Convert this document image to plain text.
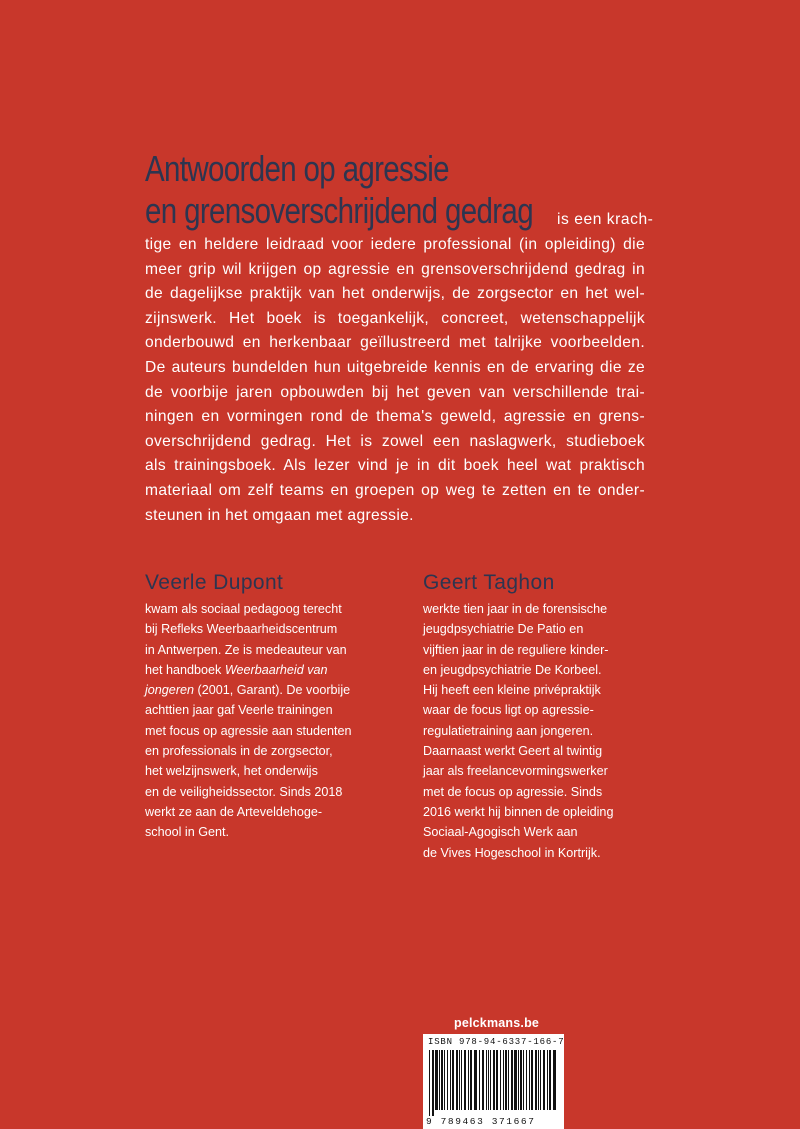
Antwoorden op agressie
en grensoverschrijdend gedrag is een krach-
tige en heldere leidraad voor iedere professional (in opleiding) die
meer grip wil krijgen op agressie en grensoverschrijdend gedrag in
de dagelijkse praktijk van het onderwijs, de zorgsector en het wel-
zijnswerk. Het boek is toegankelijk, concreet, wetenschappelijk
onderbouwd en herkenbaar geïllustreerd met talrijke voorbeelden.
De auteurs bundelden hun uitgebreide kennis en de ervaring die ze
de voorbije jaren opbouwden bij het geven van verschillende trai-
ningen en vormingen rond de thema's geweld, agressie en grens-
overschrijdend gedrag. Het is zowel een naslagwerk, studieboek
als trainingsboek. Als lezer vind je in dit boek heel wat praktisch
materiaal om zelf teams en groepen op weg te zetten en te onder-
steunen in het omgaan met agressie.
Veerle Dupont
kwam als sociaal pedagoog terecht
bij Refleks Weerbaarheidscentrum
in Antwerpen. Ze is medeauteur van
het handboek Weerbaarheid van
jongeren (2001, Garant). De voorbije
achttien jaar gaf Veerle trainingen
met focus op agressie aan studenten
en professionals in de zorgsector,
het welzijnswerk, het onderwijs
en de veiligheidssector. Sinds 2018
werkt ze aan de Arteveldehoge-
school in Gent.
Geert Taghon
werkte tien jaar in de forensische
jeugdpsychiatrie De Patio en
vijftien jaar in de reguliere kinder-
en jeugdpsychiatrie De Korbeel.
Hij heeft een kleine privépraktijk
waar de focus ligt op agressie-
regulatietraining aan jongeren.
Daarnaast werkt Geert al twintig
jaar als freelancevormingswerker
met de focus op agressie. Sinds
2016 werkt hij binnen de opleiding
Sociaal-Agogisch Werk aan
de Vives Hogeschool in Kortrijk.
pelckmans.be
ISBN 978-94-6337-166-7
9 789463 371667
